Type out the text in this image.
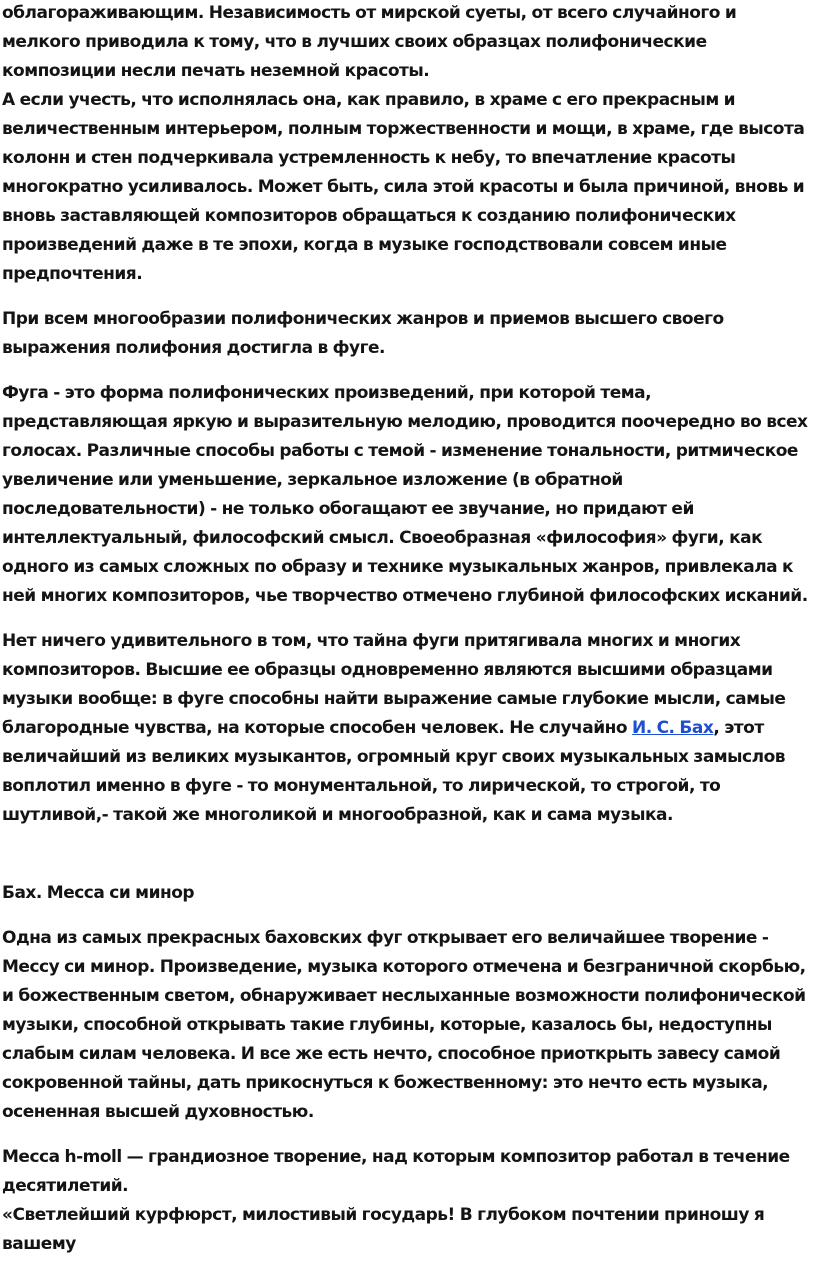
облагораживающим. Независимость от мирской суеты, от всего случайного и мелкого приводила к тому, что в лучших своих образцах полифонические композиции несли печать неземной красоты.

А если учесть, что исполнялась она, как правило, в храме с его прекрасным и величественным интерьером, полным торжественности и мощи, в храме, где высота колонн и стен подчеркивала устремленность к небу, то впечатление красоты многократно усиливалось. Может быть, сила этой красоты и была причиной, вновь и вновь заставляющей композиторов обращаться к созданию полифонических произведений даже в те эпохи, когда в музыке господствовали совсем иные предпочтения.

При всем многообразии полифонических жанров и приемов высшего своего выражения полифония достигла в фуге.

Фуга - это форма полифонических произведений, при которой тема, представляющая яркую и выразительную мелодию, проводится поочередно во всех голосах. Различные способы работы с темой - изменение тональности, ритмическое увеличение или уменьшение, зеркальное изложение (в обратной последовательности) - не только обогащают ее звучание, но придают ей интеллектуальный, философский смысл. Своеобразная «философия» фуги, как одного из самых сложных по образу и технике музыкальных жанров, привлекала к ней многих композиторов, чье творчество отмечено глубиной философских исканий.

Нет ничего удивительного в том, что тайна фуги притягивала многих и многих композиторов. Высшие ее образцы одновременно являются высшими образцами музыки вообще: в фуге способны найти выражение самые глубокие мысли, самые благородные чувства, на которые способен человек. Не случайно И. С. Бах, этот величайший из великих музыкантов, огромный круг своих музыкальных замыслов воплотил именно в фуге - то монументальной, то лирической, то строгой, то шутливой,- такой же многоликой и многообразной, как и сама музыка.

Бах. Месса си минор

Одна из самых прекрасных баховских фуг открывает его величайшее творение - Мессу си минор. Произведение, музыка которого отмечена и безграничной скорбью, и божественным светом, обнаруживает неслыханные возможности полифонической музыки, способной открывать такие глубины, которые, казалось бы, недоступны слабым силам человека. И все же есть нечто, способное приоткрыть завесу самой сокровенной тайны, дать прикоснуться к божественному: это нечто есть музыка, осененная высшей духовностью.

Месса h-moll — грандиозное творение, над которым композитор работал в течение десятилетий.

«Светлейший курфюрст, милостивый государь! В глубоком почтении приношу я вашему
